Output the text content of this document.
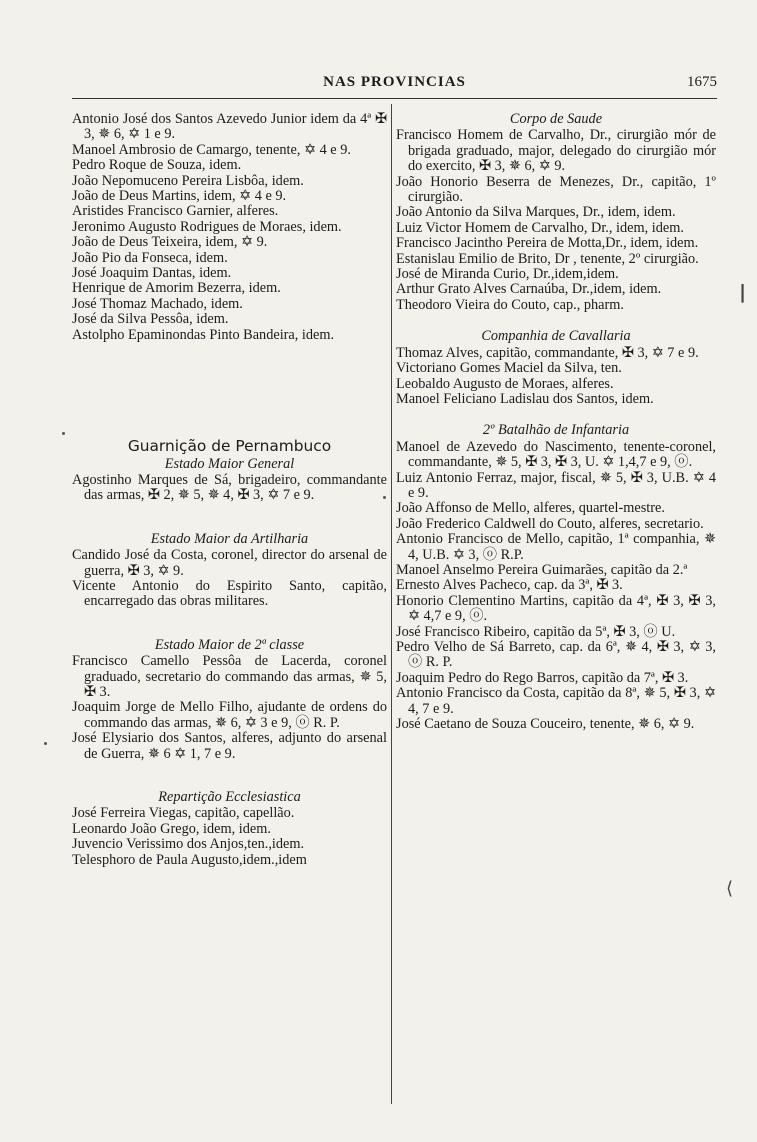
NAS PROVINCIAS	1675
Antonio José dos Santos Azevedo Junior idem da 4ª ✠ 3, ✵ 6, ✡ 1 e 9.
Manoel Ambrosio de Camargo, tenente, ✡ 4 e 9.
Pedro Roque de Souza, idem.
João Nepomuceno Pereira Lisbôa, idem.
João de Deus Martins, idem, ✡ 4 e 9.
Aristides Francisco Garnier, alferes.
Jeronimo Augusto Rodrigues de Moraes, idem.
João de Deus Teixeira, idem, ✡ 9.
João Pio da Fonseca, idem.
José Joaquim Dantas, idem.
Henrique de Amorim Bezerra, idem.
José Thomaz Machado, idem.
José da Silva Pessôa, idem.
Astolpho Epaminondas Pinto Bandeira, idem.
Guarnição de Pernambuco
Estado Maior General
Agostinho Marques de Sá, brigadeiro, commandante das armas, ✠ 2, ✵ 5, ✵ 4, ✠ 3, ✡ 7 e 9.
Estado Maior da Artilharia
Candido José da Costa, coronel, director do arsenal de guerra, ✠ 3, ✡ 9.
Vicente Antonio do Espirito Santo, capitão, encarregado das obras militares.
Estado Maior de 2ª classe
Francisco Camello Pessôa de Lacerda, coronel graduado, secretario do commando das armas, ✵ 5, ✠ 3.
Joaquim Jorge de Mello Filho, ajudante de ordens do commando das armas, ✵ 6, ✡ 3 e 9, ⓞ R. P.
José Elysiario dos Santos, alferes, adjunto do arsenal de Guerra, ✵ 6 ✡ 1, 7 e 9.
Repartição Ecclesiastica
José Ferreira Viegas, capitão, capellão.
Leonardo João Grego, idem, idem.
Juvencio Verissimo dos Anjos,ten.,idem.
Telesphoro de Paula Augusto,idem.,idem
Corpo de Saude
Francisco Homem de Carvalho, Dr., cirurgião mór de brigada graduado, major, delegado do cirurgião mór do exercito, ✠ 3, ✵ 6, ✡ 9.
João Honorio Beserra de Menezes, Dr., capitão, 1º cirurgião.
João Antonio da Silva Marques, Dr., idem, idem.
Luiz Victor Homem de Carvalho, Dr., idem, idem.
Francisco Jacintho Pereira de Motta,Dr., idem, idem.
Estanislau Emilio de Brito, Dr , tenente, 2º cirurgião.
José de Miranda Curio, Dr.,idem,idem.
Arthur Grato Alves Carnaúba, Dr.,idem, idem.
Theodoro Vieira do Couto, cap., pharm.
Companhia de Cavallaria
Thomaz Alves, capitão, commandante, ✠ 3, ✡ 7 e 9.
Victoriano Gomes Maciel da Silva, ten.
Leobaldo Augusto de Moraes, alferes.
Manoel Feliciano Ladislau dos Santos, idem.
2º Batalhão de Infantaria
Manoel de Azevedo do Nascimento, tenente-coronel, commandante, ✵ 5, ✠ 3, ✠ 3, U. ✡ 1,4,7 e 9, ⓞ.
Luiz Antonio Ferraz, major, fiscal, ✵ 5, ✠ 3, U.B. ✡ 4 e 9.
João Affonso de Mello, alferes, quartel-mestre.
João Frederico Caldwell do Couto, alferes, secretario.
Antonio Francisco de Mello, capitão, 1ª companhia, ✵ 4, U.B. ✡ 3, ⓞ R.P.
Manoel Anselmo Pereira Guimarães, capitão da 2.ª
Ernesto Alves Pacheco, cap. da 3ª, ✠ 3.
Honorio Clementino Martins, capitão da 4ª, ✠ 3, ✠ 3, ✡ 4,7 e 9, ⓞ.
José Francisco Ribeiro, capitão da 5ª, ✠ 3, ⓞ U.
Pedro Velho de Sá Barreto, cap. da 6ª, ✵ 4, ✠ 3, ✡ 3, ⓞ R. P.
Joaquim Pedro do Rego Barros, capitão da 7ª, ✠ 3.
Antonio Francisco da Costa, capitão da 8ª, ✵ 5, ✠ 3, ✡ 4, 7 e 9.
José Caetano de Souza Couceiro, tenente, ✵ 6, ✡ 9.
❘
⟨
